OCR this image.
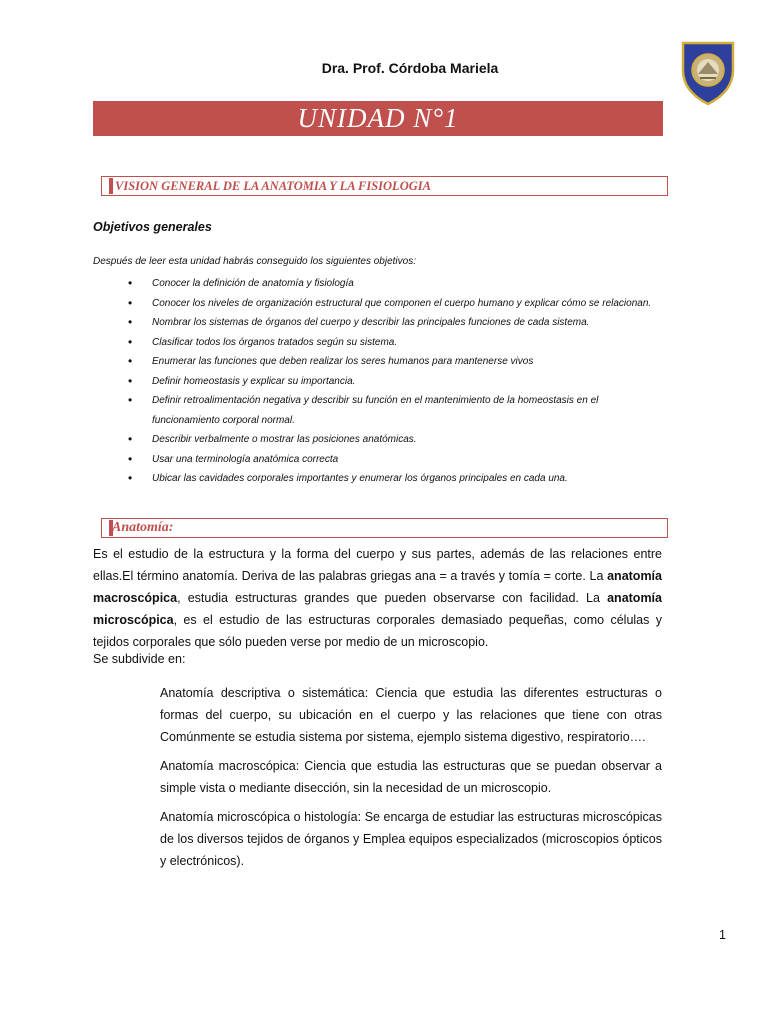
Dra. Prof. Córdoba Mariela
UNIDAD N°1
VISION GENERAL DE LA ANATOMIA Y LA FISIOLOGIA
Objetivos generales
Después de leer esta unidad habrás conseguido los siguientes objetivos:
• Conocer la definición de anatomía y fisiología
• Conocer los niveles de organización estructural que componen el cuerpo humano y explicar cómo se relacionan.
• Nombrar los sistemas de órganos del cuerpo y describir las principales funciones de cada sistema.
• Clasificar todos los órganos tratados según su sistema.
• Enumerar las funciones que deben realizar los seres humanos para mantenerse vivos
• Definir homeostasis y explicar su importancia.
• Definir retroalimentación negativa y describir su función en el mantenimiento de la homeostasis en el funcionamiento corporal normal.
• Describir verbalmente o mostrar las posiciones anatómicas.
• Usar una terminología anatómica correcta
• Ubicar las cavidades corporales importantes y enumerar los órganos principales en cada una.
Anatomía:
Es el estudio de la estructura y la forma del cuerpo y sus partes, además de las relaciones entre ellas.El término anatomía. Deriva de las palabras griegas ana = a través y tomía = corte. La anatomía macroscópica, estudia estructuras grandes que pueden observarse con facilidad. La anatomía microscópica, es el estudio de las estructuras corporales demasiado pequeñas, como células y tejidos corporales que sólo pueden verse por medio de un microscopio.
Se subdivide en:
Anatomía descriptiva o sistemática: Ciencia que estudia las diferentes estructuras o formas del cuerpo, su ubicación en el cuerpo y las relaciones que tiene con otras Comúnmente se estudia sistema por sistema, ejemplo sistema digestivo, respiratorio….
Anatomía macroscópica: Ciencia que estudia las estructuras que se puedan observar a simple vista o mediante disección, sin la necesidad de un microscopio.
Anatomía microscópica o histología: Se encarga de estudiar las estructuras microscópicas de los diversos tejidos de órganos y Emplea equipos especializados (microscopios ópticos y electrónicos).
1
